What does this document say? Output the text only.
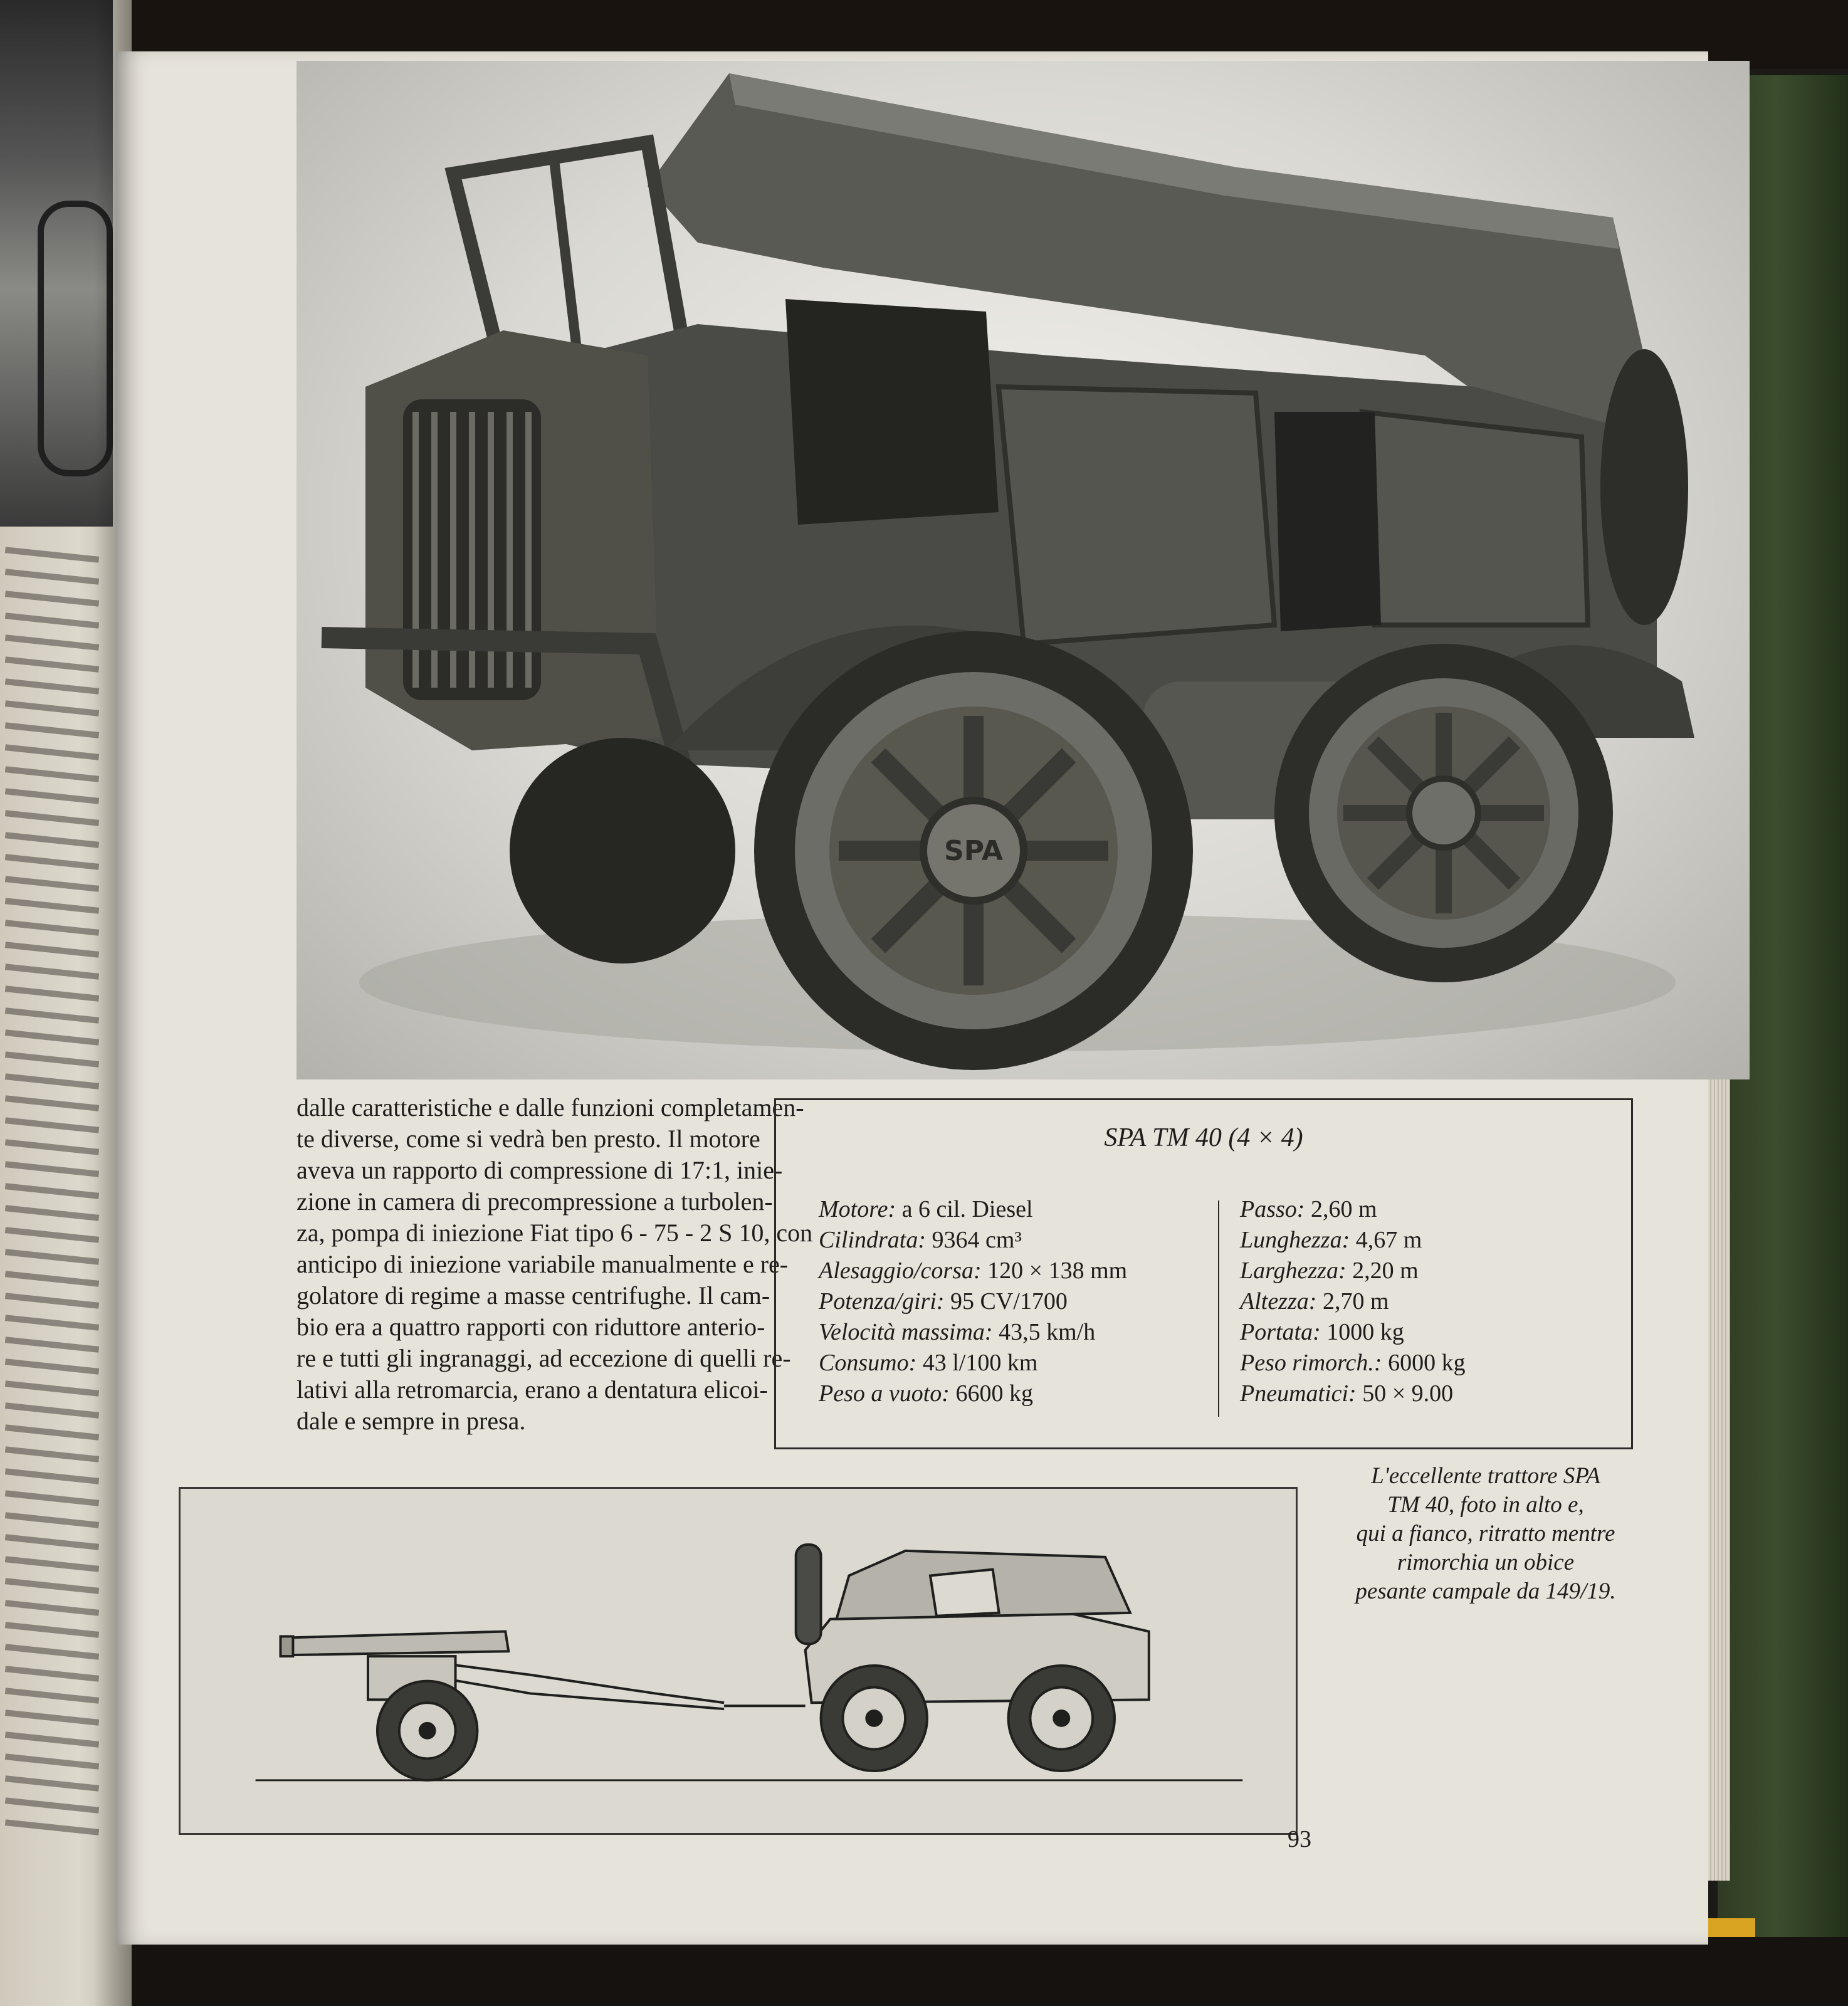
SPA
dalle caratteristiche e dalle funzioni completamen-
te diverse, come si vedrà ben presto. Il motore
aveva un rapporto di compressione di 17:1, inie-
zione in camera di precompressione a turbolen-
za, pompa di iniezione Fiat tipo 6 - 75 - 2 S 10, con
anticipo di iniezione variabile manualmente e re-
golatore di regime a masse centrifughe. Il cam-
bio era a quattro rapporti con riduttore anterio-
re e tutti gli ingranaggi, ad eccezione di quelli re-
lativi alla retromarcia, erano a dentatura elicoi-
dale e sempre in presa.
SPA TM 40 (4 × 4)
Motore: a 6 cil. Diesel
Cilindrata: 9364 cm³
Alesaggio/corsa: 120 × 138 mm
Potenza/giri: 95 CV/1700
Velocità massima: 43,5 km/h
Consumo: 43 l/100 km
Peso a vuoto: 6600 kg
Passo: 2,60 m
Lunghezza: 4,67 m
Larghezza: 2,20 m
Altezza: 2,70 m
Portata: 1000 kg
Peso rimorch.: 6000 kg
Pneumatici: 50 × 9.00
L'eccellente trattore SPA
TM 40, foto in alto e,
qui a fianco, ritratto mentre
rimorchia un obice
pesante campale da 149/19.
93
